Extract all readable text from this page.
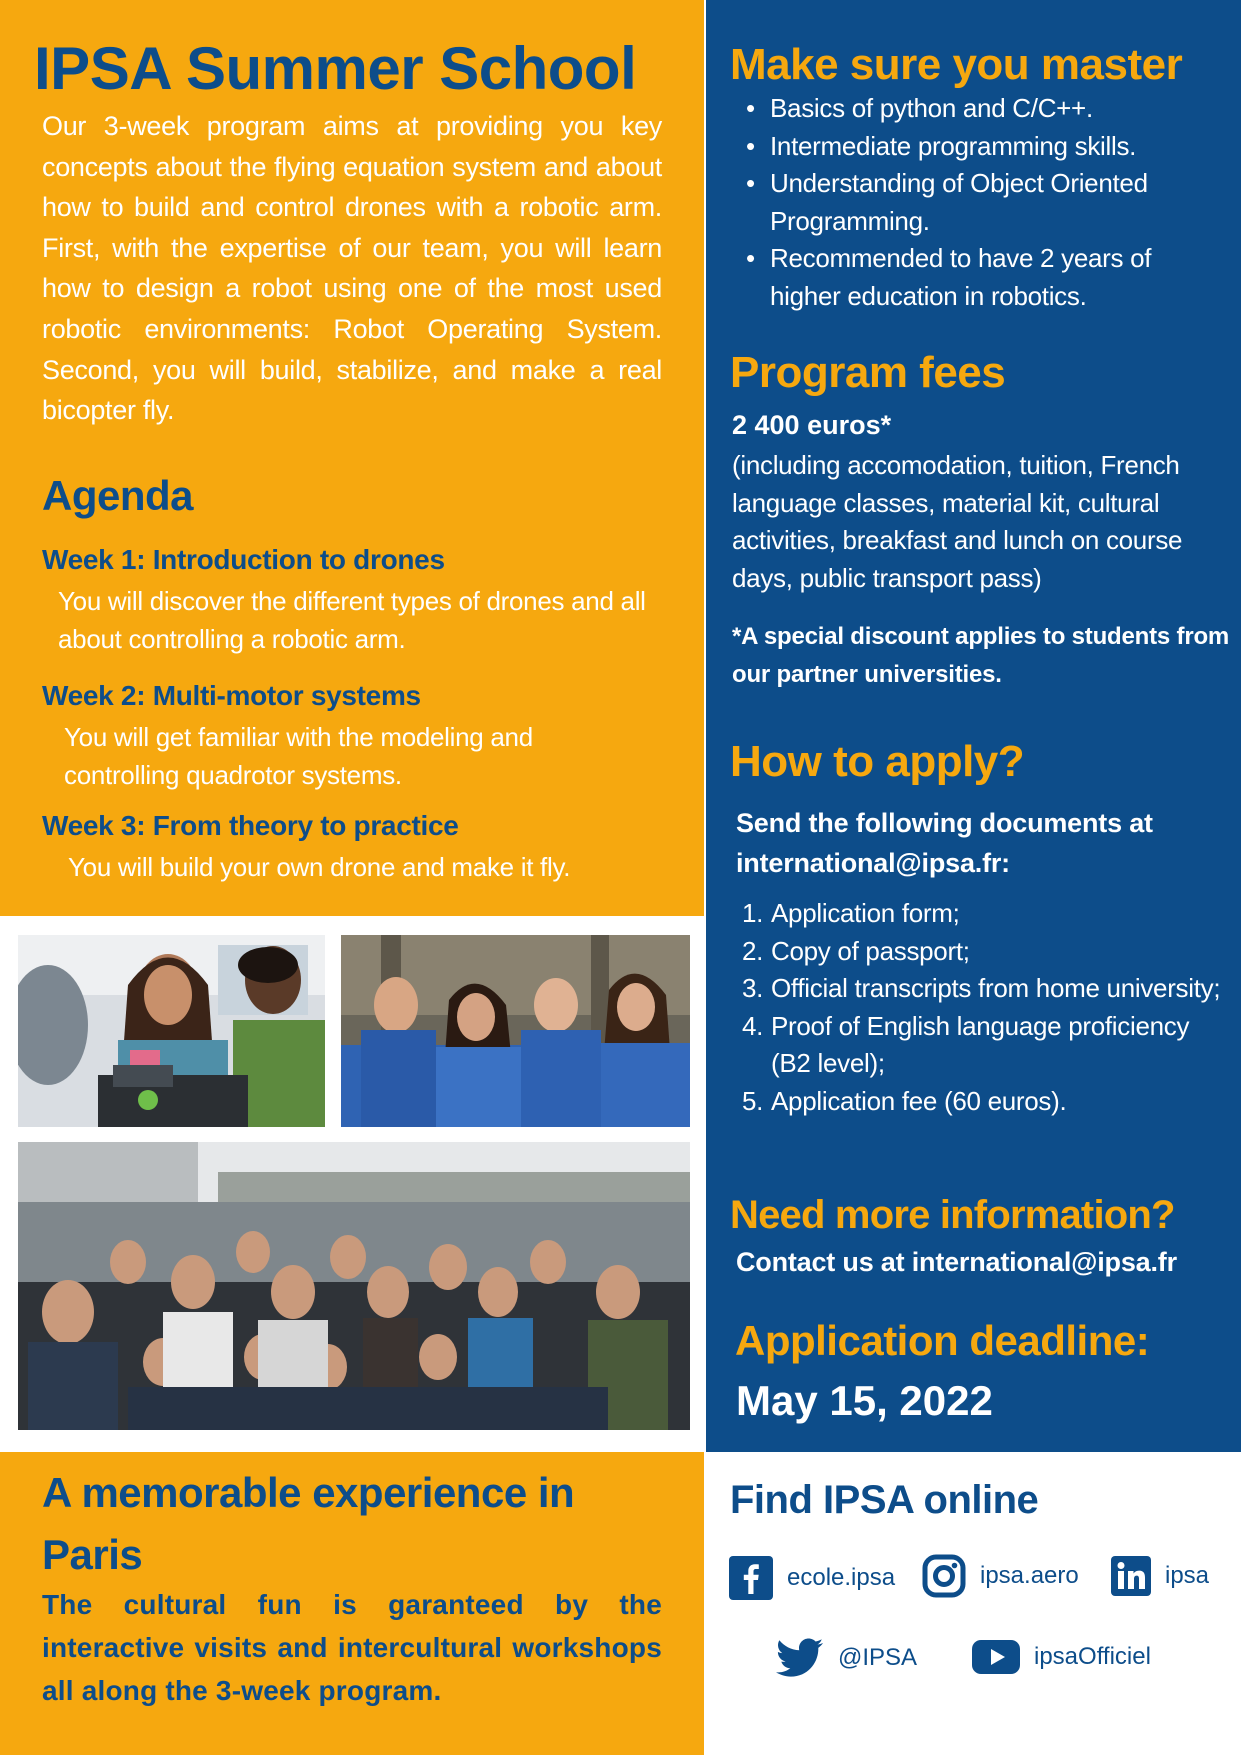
IPSA Summer School

Our 3-week program aims at providing you key concepts about the flying equation system and about how to build and control drones with a robotic arm. First, with the expertise of our team, you will learn how to design a robot using one of the most used robotic environments: Robot Operating System. Second, you will build, stabilize, and make a real bicopter fly.

Agenda
Week 1: Introduction to drones
You will discover the different types of drones and all about controlling a robotic arm.
Week 2: Multi-motor systems
You will get familiar with the modeling and controlling quadrotor systems.
Week 3: From theory to practice
You will build your own drone and make it fly.
A memorable experience in Paris

The cultural fun is garanteed by the interactive visits and intercultural workshops all along the 3-week program.

Make sure you master
• Basics of python and C/C++.
• Intermediate programming skills.
• Understanding of Object Oriented Programming.
• Recommended to have 2 years of higher education in robotics.
Program fees
2 400 euros*

(including accomodation, tuition, French language classes, material kit, cultural activities, breakfast and lunch on course days, public transport pass)

*A special discount applies to students from our partner universities.

How to apply?

Send the following documents at international@ipsa.fr:

1. Application form;
2. Copy of passport;
3. Official transcripts from home university;
4. Proof of English language proficiency (B2 level);
5. Application fee (60 euros).
Need more information?
Contact us at international@ipsa.fr
Application deadline:
May 15, 2022
Find IPSA online
ecole.ipsa	ipsa.aero	ipsa
@IPSA	ipsaOfficiel
